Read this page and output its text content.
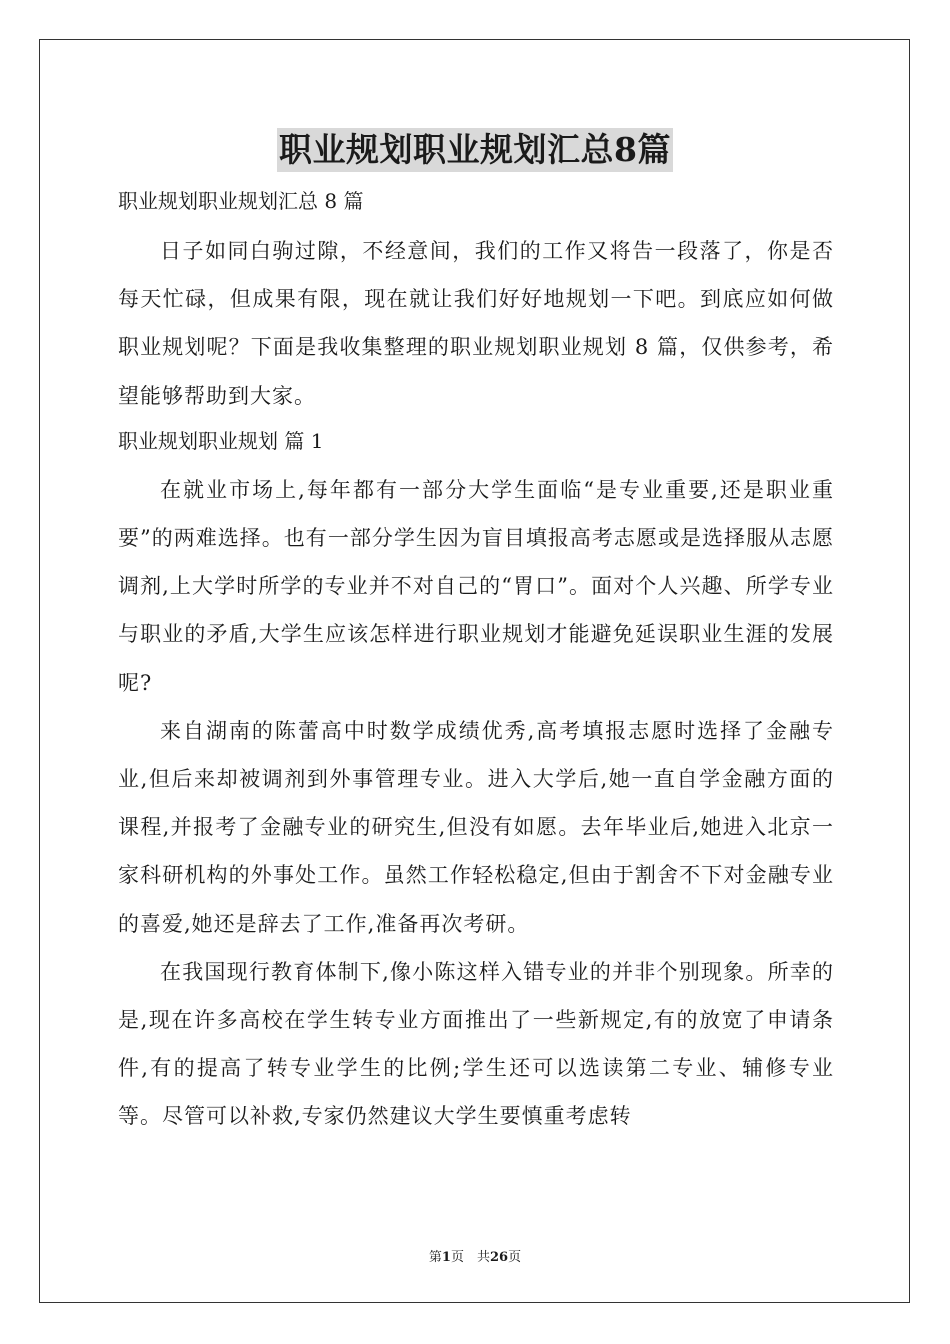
职业规划职业规划汇总8篇

职业规划职业规划汇总 8 篇

日子如同白驹过隙，不经意间，我们的工作又将告一段落了，你是否每天忙碌，但成果有限，现在就让我们好好地规划一下吧。到底应如何做职业规划呢？下面是我收集整理的职业规划职业规划 8 篇，仅供参考，希望能够帮助到大家。

职业规划职业规划 篇 1

在就业市场上,每年都有一部分大学生面临“是专业重要,还是职业重要”的两难选择。也有一部分学生因为盲目填报高考志愿或是选择服从志愿调剂,上大学时所学的专业并不对自己的“胃口”。面对个人兴趣、所学专业与职业的矛盾,大学生应该怎样进行职业规划才能避免延误职业生涯的发展呢?

来自湖南的陈蕾高中时数学成绩优秀,高考填报志愿时选择了金融专业,但后来却被调剂到外事管理专业。进入大学后,她一直自学金融方面的课程,并报考了金融专业的研究生,但没有如愿。去年毕业后,她进入北京一家科研机构的外事处工作。虽然工作轻松稳定,但由于割舍不下对金融专业的喜爱,她还是辞去了工作,准备再次考研。

在我国现行教育体制下,像小陈这样入错专业的并非个别现象。所幸的是,现在许多高校在学生转专业方面推出了一些新规定,有的放宽了申请条件,有的提高了转专业学生的比例;学生还可以选读第二专业、辅修专业等。尽管可以补救,专家仍然建议大学生要慎重考虑转

第1页　共26页
